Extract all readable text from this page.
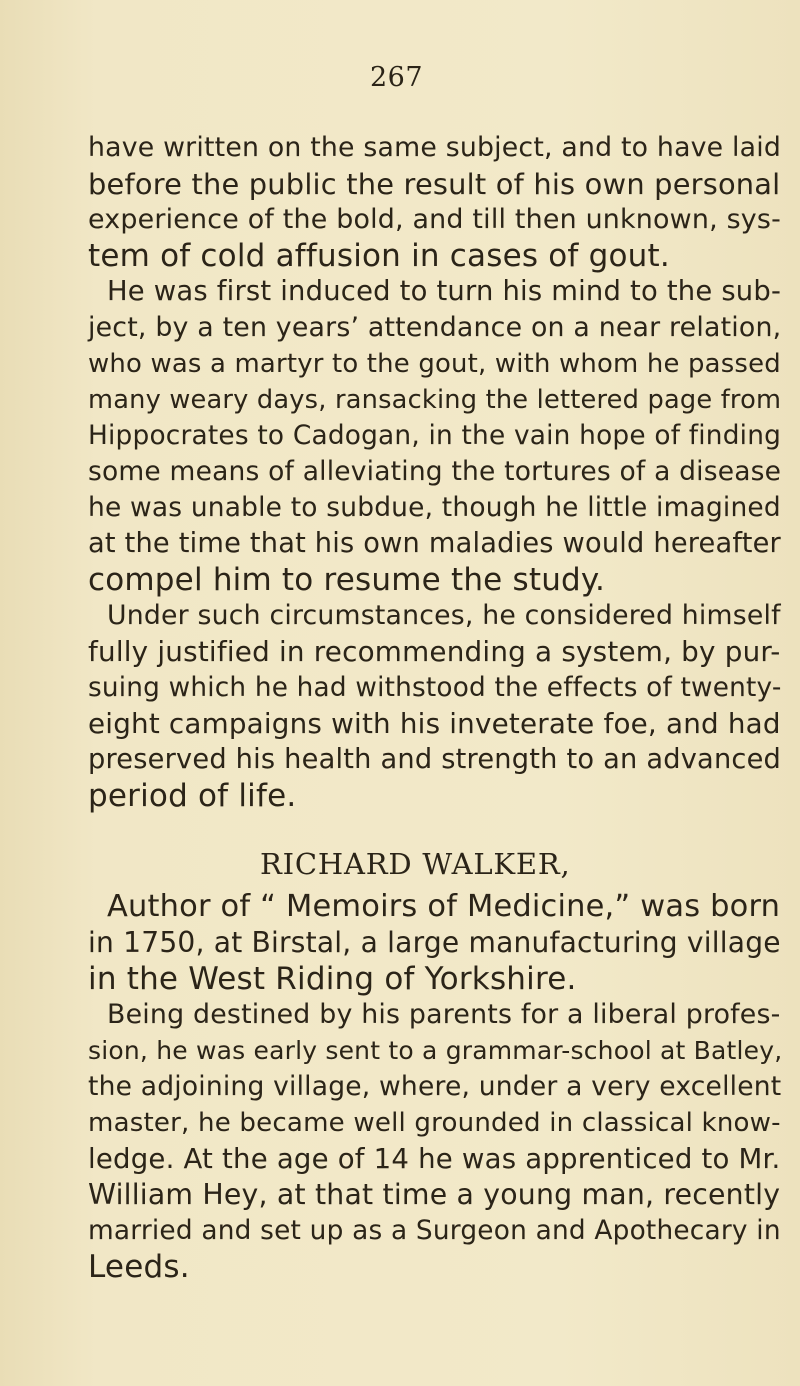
267
have written on the same subject, and to have laid
before the public the result of his own personal
experience of the bold, and till then unknown, sys-
tem of cold affusion in cases of gout.
He was first induced to turn his mind to the sub-
ject, by a ten years’ attendance on a near relation,
who was a martyr to the gout, with whom he passed
many weary days, ransacking the lettered page from
Hippocrates to Cadogan, in the vain hope of finding
some means of alleviating the tortures of a disease
he was unable to subdue, though he little imagined
at the time that his own maladies would hereafter
compel him to resume the study.
Under such circumstances, he considered himself
fully justified in recommending a system, by pur-
suing which he had withstood the effects of twenty-
eight campaigns with his inveterate foe, and had
preserved his health and strength to an advanced
period of life.
RICHARD WALKER,
Author of “ Memoirs of Medicine,” was born
in 1750, at Birstal, a large manufacturing village
in the West Riding of Yorkshire.
Being destined by his parents for a liberal profes-
sion, he was early sent to a grammar-school at Batley,
the adjoining village, where, under a very excellent
master, he became well grounded in classical know-
ledge. At the age of 14 he was apprenticed to Mr.
William Hey, at that time a young man, recently
married and set up as a Surgeon and Apothecary in
Leeds.
